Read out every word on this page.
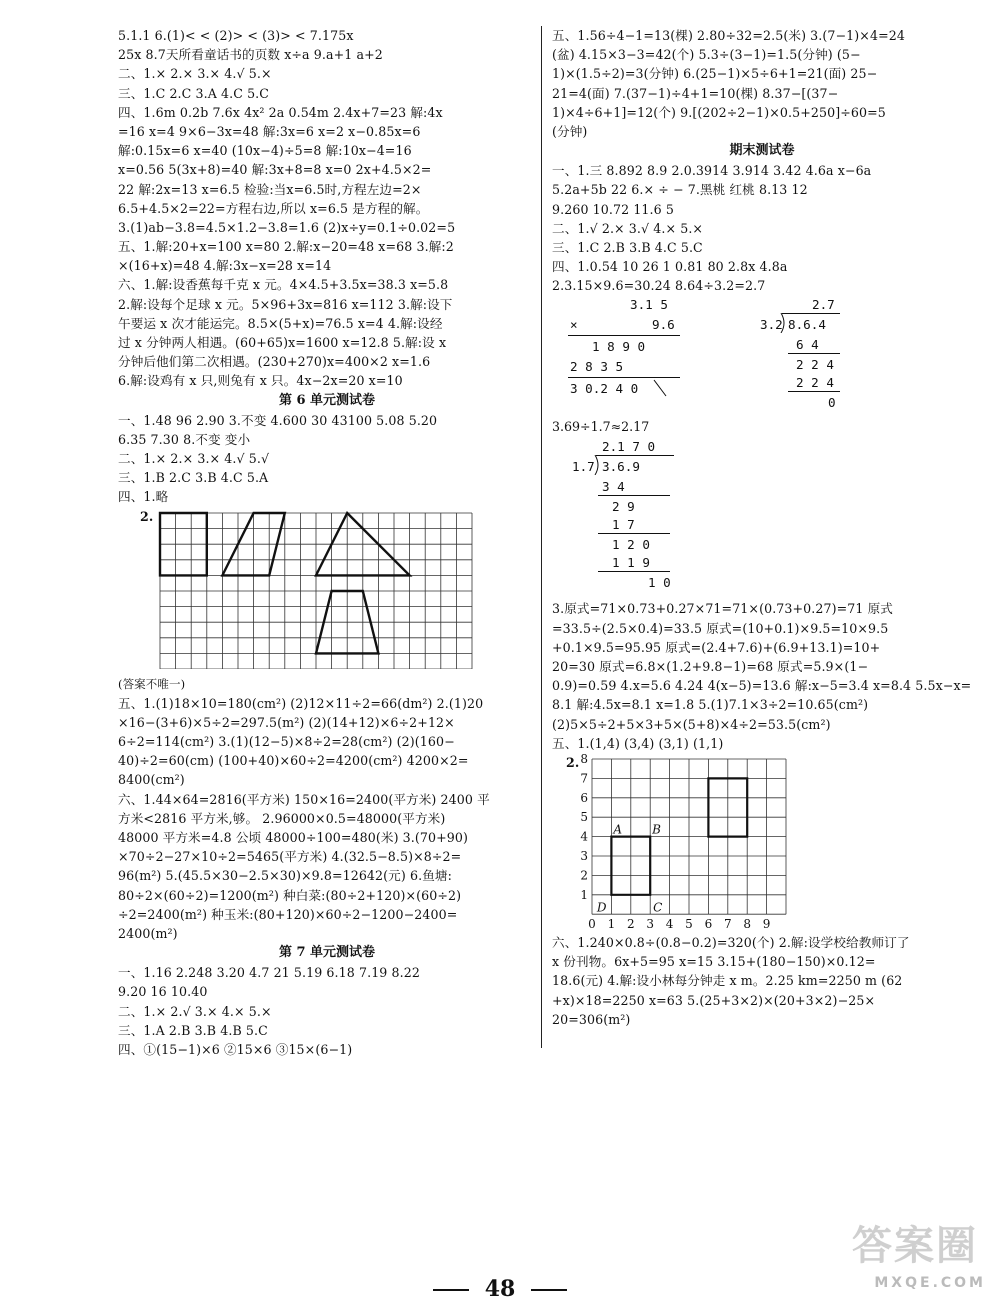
5.1.1 6.(1)< < (2)> < (3)> < 7.175x
25x 8.7天所看童话书的页数 x÷a 9.a+1 a+2
二、1.× 2.× 3.× 4.√ 5.×
三、1.C 2.C 3.A 4.C 5.C
四、1.6m 0.2b 7.6x 4x² 2a 0.54m 2.4x+7=23 解:4x
=16 x=4 9×6−3x=48 解:3x=6 x=2 x−0.85x=6
解:0.15x=6 x=40 (10x−4)÷5=8 解:10x−4=16
x=0.56 5(3x+8)=40 解:3x+8=8 x=0 2x+4.5×2=
22 解:2x=13 x=6.5 检验:当x=6.5时,方程左边=2×
6.5+4.5×2=22=方程右边,所以 x=6.5 是方程的解。
3.(1)ab−3.8=4.5×1.2−3.8=1.6 (2)x÷y=0.1÷0.02=5
五、1.解:20+x=100 x=80 2.解:x−20=48 x=68 3.解:2
×(16+x)=48 4.解:3x−x=28 x=14
六、1.解:设香蕉每千克 x 元。4×4.5+3.5x=38.3 x=5.8
2.解:设每个足球 x 元。5×96+3x=816 x=112 3.解:设下
午要运 x 次才能运完。8.5×(5+x)=76.5 x=4 4.解:设经
过 x 分钟两人相遇。(60+65)x=1600 x=12.8 5.解:设 x
分钟后他们第二次相遇。(230+270)x=400×2 x=1.6
6.解:设鸡有 x 只,则兔有 x 只。4x−2x=20 x=10
第 6 单元测试卷
一、1.48 96 2.90 3.不变 4.600 30 43100 5.08 5.20
6.35 7.30 8.不变 变小
二、1.× 2.× 3.× 4.√ 5.√
三、1.B 2.C 3.B 4.C 5.A
四、1.略
2.
(答案不唯一)
五、1.(1)18×10=180(cm²) (2)12×11÷2=66(dm²) 2.(1)20
×16−(3+6)×5÷2=297.5(m²) (2)(14+12)×6÷2+12×
6÷2=114(cm²) 3.(1)(12−5)×8÷2=28(cm²) (2)(160−
40)÷2=60(cm) (100+40)×60÷2=4200(cm²) 4200×2=
8400(cm²)
六、1.44×64=2816(平方米) 150×16=2400(平方米) 2400 平
方米<2816 平方米,够。 2.96000×0.5=48000(平方米)
48000 平方米=4.8 公顷 48000÷100=480(米) 3.(70+90)
×70÷2−27×10÷2=5465(平方米) 4.(32.5−8.5)×8÷2=
96(m²) 5.(45.5×30−2.5×30)×9.8=12642(元) 6.鱼塘:
80÷2×(60÷2)=1200(m²) 种白菜:(80÷2+120)×(60÷2)
÷2=2400(m²) 种玉米:(80+120)×60÷2−1200−2400=
2400(m²)
第 7 单元测试卷
一、1.16 2.248 3.20 4.7 21 5.19 6.18 7.19 8.22
9.20 16 10.40
二、1.× 2.√ 3.× 4.× 5.×
三、1.A 2.B 3.B 4.B 5.C
四、①(15−1)×6 ②15×6 ③15×(6−1)
五、1.56÷4−1=13(棵) 2.80÷32=2.5(米) 3.(7−1)×4=24
(盆) 4.15×3−3=42(个) 5.3÷(3−1)=1.5(分钟) (5−
1)×(1.5÷2)=3(分钟) 6.(25−1)×5÷6+1=21(面) 25−
21=4(面) 7.(37−1)÷4+1=10(棵) 8.37−[(37−
1)×4÷6+1]=12(个) 9.[(202÷2−1)×0.5+250]÷60=5
(分钟)
期末测试卷
一、1.三 8.892 8.9 2.0.3914 3.914 3.42 4.6a x−6a
5.2a+5b 22 6.× ÷ − 7.黑桃 红桃 8.13 12
9.260 10.72 11.6 5
二、1.√ 2.× 3.√ 4.× 5.×
三、1.C 2.B 3.B 4.C 5.C
四、1.0.54 10 26 1 0.81 80 2.8x 4.8a
2.3.15×9.6=30.24 8.64÷3.2=2.7
3.1 5
×	9.6
1 8 9 0
2 8 3 5
3 0.2 4 0
2.7
3.2 8.6.4
6 4
2 2 4
2 2 4
0
3.69÷1.7≈2.17
2.1 7 0
1.7 3.6.9
3 4
2 9
1 7
1 2 0
1 1 9
1 0
3.原式=71×0.73+0.27×71=71×(0.73+0.27)=71 原式
=33.5÷(2.5×0.4)=33.5 原式=(10+0.1)×9.5=10×9.5
+0.1×9.5=95.95 原式=(2.4+7.6)+(6.9+13.1)=10+
20=30 原式=6.8×(1.2+9.8−1)=68 原式=5.9×(1−
0.9)=0.59 4.x=5.6 4.24 4(x−5)=13.6 解:x−5=3.4 x=8.4 5.5x−x=
8.1 解:4.5x=8.1 x=1.8 5.(1)7.1×3÷2=10.65(cm²)
(2)5×5÷2+5×3+5×(5+8)×4÷2=53.5(cm²)
五、1.(1,4) (3,4) (3,1) (1,1)
2. 8
7
6
5
4
3
2
1
0 1 2 3 4 5 6 7 8 9
A	B
C
D
六、1.240×0.8÷(0.8−0.2)=320(个) 2.解:设学校给教师订了
x 份刊物。6x+5=95 x=15 3.15+(180−150)×0.12=
18.6(元) 4.解:设小林每分钟走 x m。2.25 km=2250 m (62
+x)×18=2250 x=63 5.(25+3×2)×(20+3×2)−25×
20=306(m²)
答案圈
MXQE.COM
48
